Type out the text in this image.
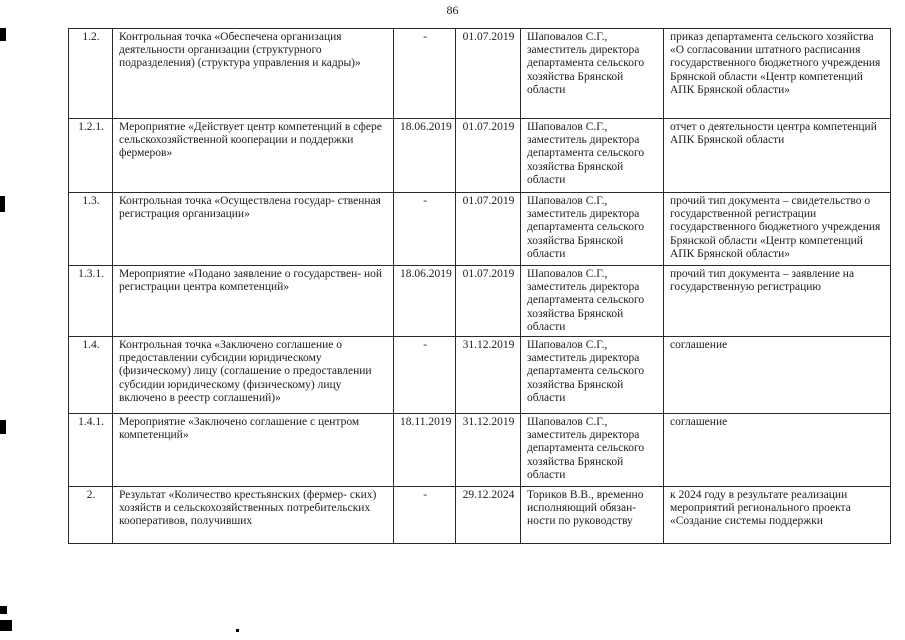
86
1.2.	Контрольная точка «Обеспечена организация деятельности организации (структурного подразделения) (структура управления и кадры)»	-	01.07.2019	Шаповалов С.Г., заместитель директора департамента сельского хозяйства Брянской области	приказ департамента сельского хозяйства «О согласовании штатного расписания государственного бюджетного учреждения Брянской области «Центр компетенций АПК Брянской области»
1.2.1.	Мероприятие «Действует центр компетенций в сфере сельскохозяйственной кооперации и поддержки фермеров»	18.06.2019	01.07.2019	Шаповалов С.Г., заместитель директора департамента сельского хозяйства Брянской области	отчет о деятельности центра компетенций АПК Брянской области
1.3.	Контрольная точка «Осуществлена государ- ственная регистрация организации»	-	01.07.2019	Шаповалов С.Г., заместитель директора департамента сельского хозяйства Брянской области	прочий тип документа – свидетельство о государственной регистрации государственного бюджетного учреждения Брянской области «Центр компетенций АПК Брянской области»
1.3.1.	Мероприятие «Подано заявление о государствен- ной регистрации центра компетенций»	18.06.2019	01.07.2019	Шаповалов С.Г., заместитель директора департамента сельского хозяйства Брянской области	прочий тип документа – заявление на государственную регистрацию
1.4.	Контрольная точка «Заключено соглашение о предоставлении субсидии юридическому (физическому) лицу (соглашение о предоставлении субсидии юридическому (физическому) лицу включено в реестр соглашений)»	-	31.12.2019	Шаповалов С.Г., заместитель директора департамента сельского хозяйства Брянской области	соглашение
1.4.1.	Мероприятие «Заключено соглашение с центром компетенций»	18.11.2019	31.12.2019	Шаповалов С.Г., заместитель директора департамента сельского хозяйства Брянской области	соглашение
2.	Результат «Количество крестьянских (фермер- ских) хозяйств и сельскохозяйственных потребительских кооперативов, получивших	-	29.12.2024	Ториков В.В., временно исполняющий обязан- ности по руководству	к 2024 году в результате реализации мероприятий регионального проекта «Создание системы поддержки
